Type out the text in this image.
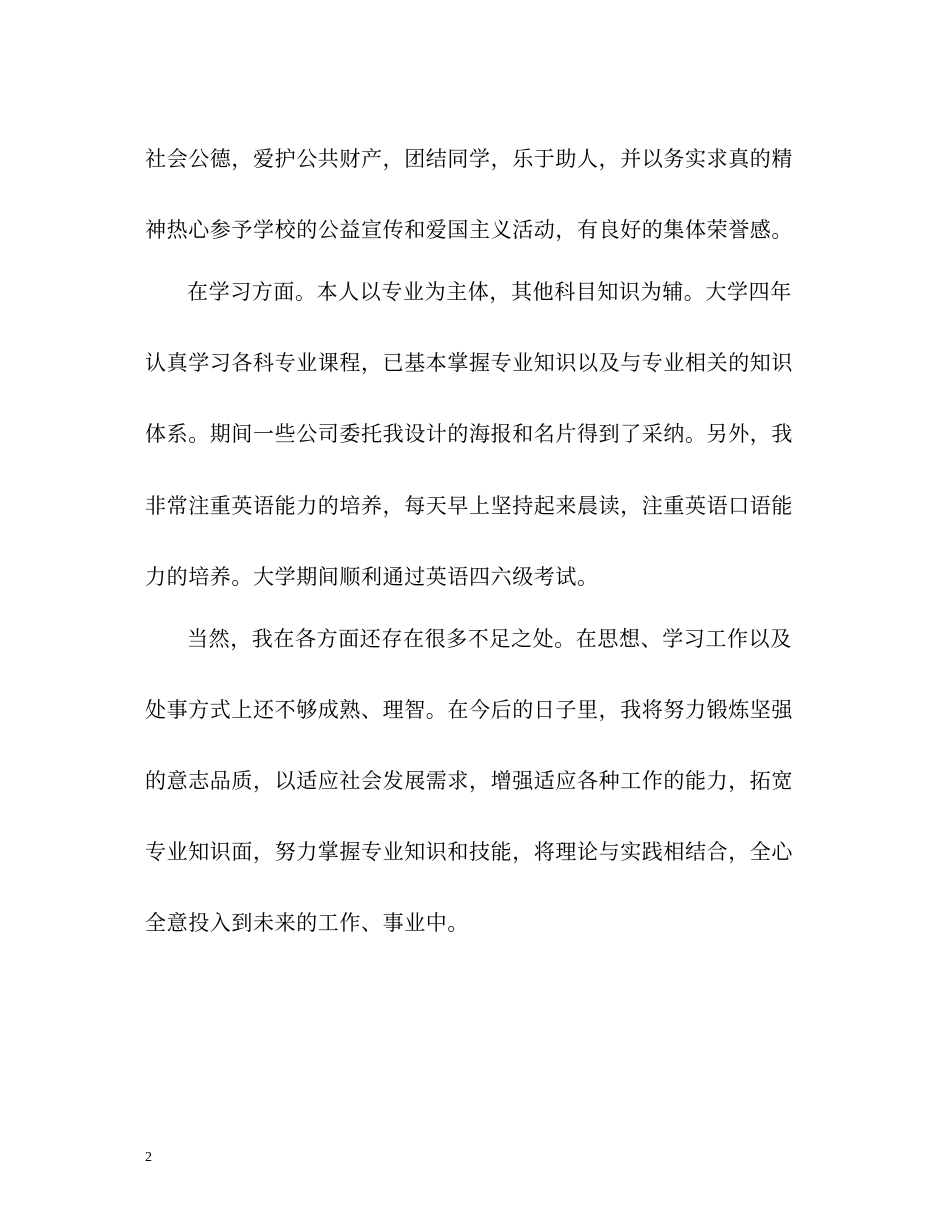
社会公德，爱护公共财产，团结同学，乐于助人，并以务实求真的精
神热心参予学校的公益宣传和爱国主义活动，有良好的集体荣誉感。
在学习方面。本人以专业为主体，其他科目知识为辅。大学四年
认真学习各科专业课程，已基本掌握专业知识以及与专业相关的知识
体系。期间一些公司委托我设计的海报和名片得到了采纳。另外，我
非常注重英语能力的培养，每天早上坚持起来晨读，注重英语口语能
力的培养。大学期间顺利通过英语四六级考试。
当然，我在各方面还存在很多不足之处。在思想、学习工作以及
处事方式上还不够成熟、理智。在今后的日子里，我将努力锻炼坚强
的意志品质，以适应社会发展需求，增强适应各种工作的能力，拓宽
专业知识面，努力掌握专业知识和技能，将理论与实践相结合，全心
全意投入到未来的工作、事业中。
2
